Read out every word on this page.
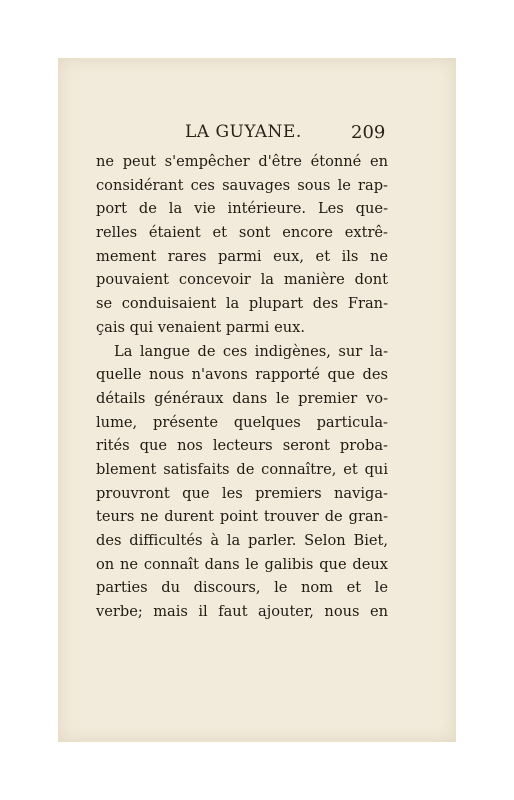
LA GUYANE.	209
ne peut s'empêcher d'être étonné en
considérant ces sauvages sous le rap-
port de la vie intérieure. Les que-
relles étaient et sont encore extrê-
mement rares parmi eux, et ils ne
pouvaient concevoir la manière dont
se conduisaient la plupart des Fran-
çais qui venaient parmi eux.
La langue de ces indigènes, sur la-
quelle nous n'avons rapporté que des
détails généraux dans le premier vo-
lume, présente quelques particula-
rités que nos lecteurs seront proba-
blement satisfaits de connaître, et qui
prouvront que les premiers naviga-
teurs ne durent point trouver de gran-
des difficultés à la parler. Selon Biet,
on ne connaît dans le galibis que deux
parties du discours, le nom et le
verbe; mais il faut ajouter, nous en
